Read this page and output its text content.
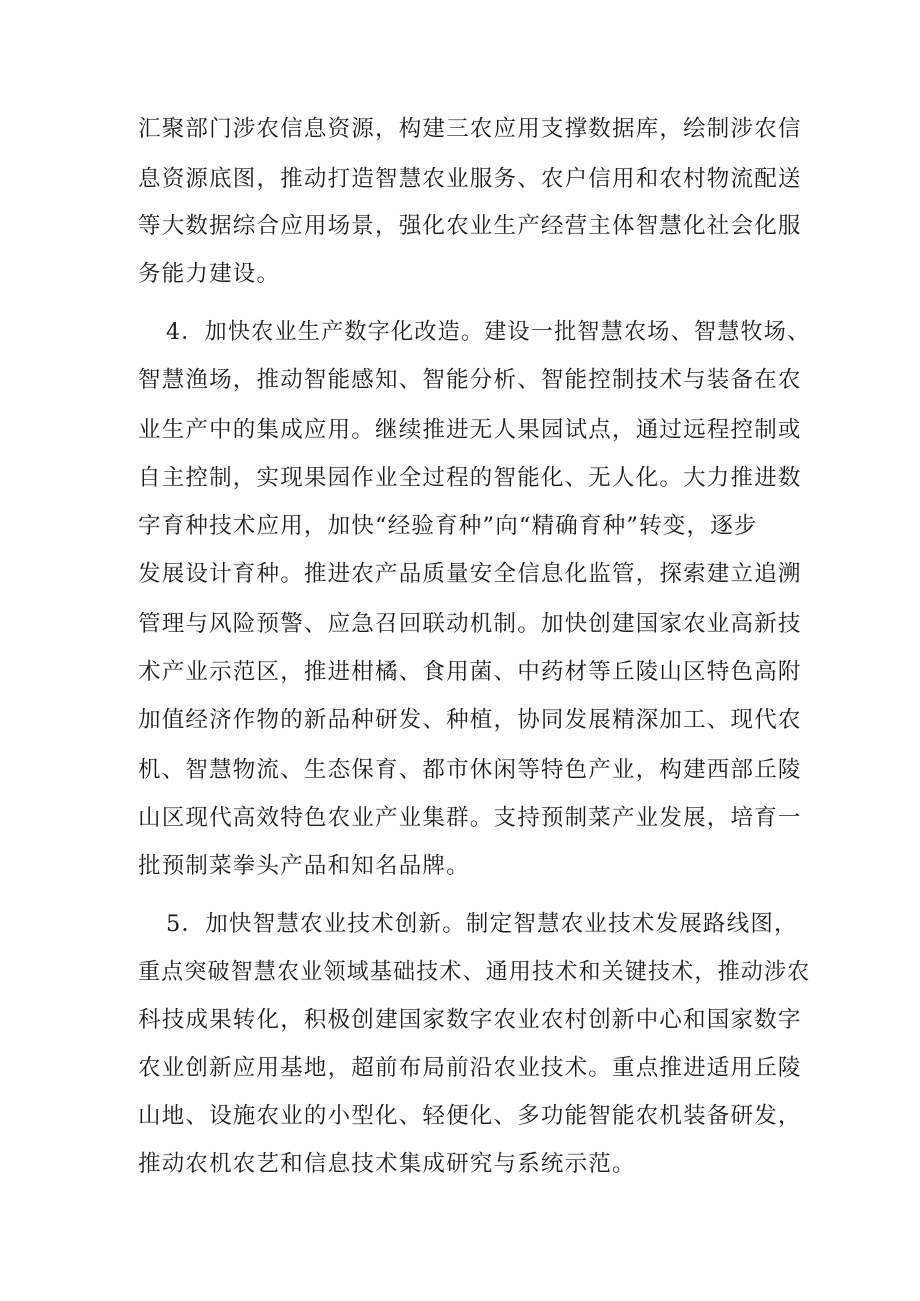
汇聚部门涉农信息资源，构建三农应用支撑数据库，绘制涉农信
息资源底图，推动打造智慧农业服务、农户信用和农村物流配送
等大数据综合应用场景，强化农业生产经营主体智慧化社会化服
务能力建设。
4．加快农业生产数字化改造。建设一批智慧农场、智慧牧场、
智慧渔场，推动智能感知、智能分析、智能控制技术与装备在农
业生产中的集成应用。继续推进无人果园试点，通过远程控制或
自主控制，实现果园作业全过程的智能化、无人化。大力推进数
字育种技术应用，加快“经验育种”向“精确育种”转变，逐步
发展设计育种。推进农产品质量安全信息化监管，探索建立追溯
管理与风险预警、应急召回联动机制。加快创建国家农业高新技
术产业示范区，推进柑橘、食用菌、中药材等丘陵山区特色高附
加值经济作物的新品种研发、种植，协同发展精深加工、现代农
机、智慧物流、生态保育、都市休闲等特色产业，构建西部丘陵
山区现代高效特色农业产业集群。支持预制菜产业发展，培育一
批预制菜拳头产品和知名品牌。
5．加快智慧农业技术创新。制定智慧农业技术发展路线图，
重点突破智慧农业领域基础技术、通用技术和关键技术，推动涉农
科技成果转化，积极创建国家数字农业农村创新中心和国家数字
农业创新应用基地，超前布局前沿农业技术。重点推进适用丘陵
山地、设施农业的小型化、轻便化、多功能智能农机装备研发，
推动农机农艺和信息技术集成研究与系统示范。
